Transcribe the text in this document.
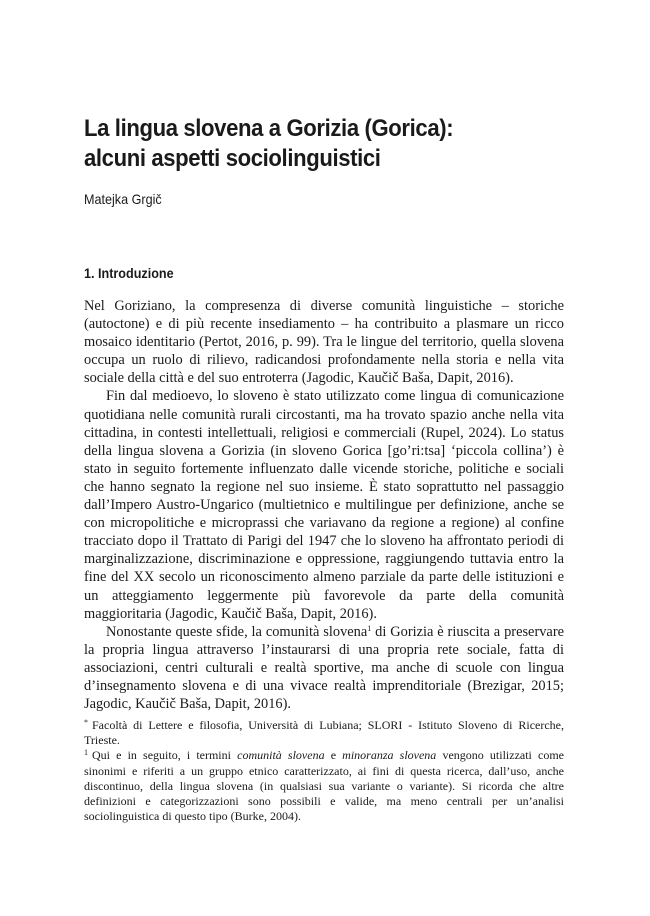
La lingua slovena a Gorizia (Gorica):
alcuni aspetti sociolinguistici
Matejka Grgič
1. Introduzione

Nel Goriziano, la compresenza di diverse comunità linguistiche – storiche (autoctone) e di più recente insediamento – ha contribuito a plasmare un ricco mosaico identitario (Pertot, 2016, p. 99). Tra le lingue del territorio, quella slovena occupa un ruolo di rilievo, radicandosi profondamente nella storia e nella vita sociale della città e del suo entroterra (Jagodic, Kaučič Baša, Dapit, 2016).

Fin dal medioevo, lo sloveno è stato utilizzato come lingua di comunicazione quotidiana nelle comunità rurali circostanti, ma ha trovato spazio anche nella vita cittadina, in contesti intellettuali, religiosi e commerciali (Rupel, 2024). Lo status della lingua slovena a Gorizia (in sloveno Gorica [go’ri:tsa] ‘piccola collina’) è stato in seguito fortemente influenzato dalle vicende storiche, politiche e sociali che hanno segnato la regione nel suo insieme. È stato soprattutto nel passaggio dall’Impero Austro-Ungarico (multietnico e multilingue per definizione, anche se con micropolitiche e microprassi che variavano da regione a regione) al confine tracciato dopo il Trattato di Parigi del 1947 che lo sloveno ha affrontato periodi di marginalizzazione, discriminazione e oppressione, raggiungendo tuttavia entro la fine del XX secolo un riconoscimento almeno parziale da parte delle istituzioni e un atteggiamento leggermente più favorevole da parte della comunità maggioritaria (Jagodic, Kaučič Baša, Dapit, 2016).

Nonostante queste sfide, la comunità slovena$^1$ di Gorizia è riuscita a preservare la propria lingua attraverso l’instaurarsi di una propria rete sociale, fatta di associazioni, centri culturali e realtà sportive, ma anche di scuole con lingua d’insegnamento slovena e di una vivace realtà imprenditoriale (Brezigar, 2015; Jagodic, Kaučič Baša, Dapit, 2016).

* Facoltà di Lettere e filosofia, Università di Lubiana; SLORI - Istituto Sloveno di Ricerche, Trieste.

$^1$ Qui e in seguito, i termini comunità slovena e minoranza slovena vengono utilizzati come sinonimi e riferiti a un gruppo etnico caratterizzato, ai fini di questa ricerca, dall’uso, anche discontinuo, della lingua slovena (in qualsiasi sua variante o variante). Si ricorda che altre definizioni e categorizzazioni sono possibili e valide, ma meno centrali per un’analisi sociolinguistica di questo tipo (Burke, 2004).
